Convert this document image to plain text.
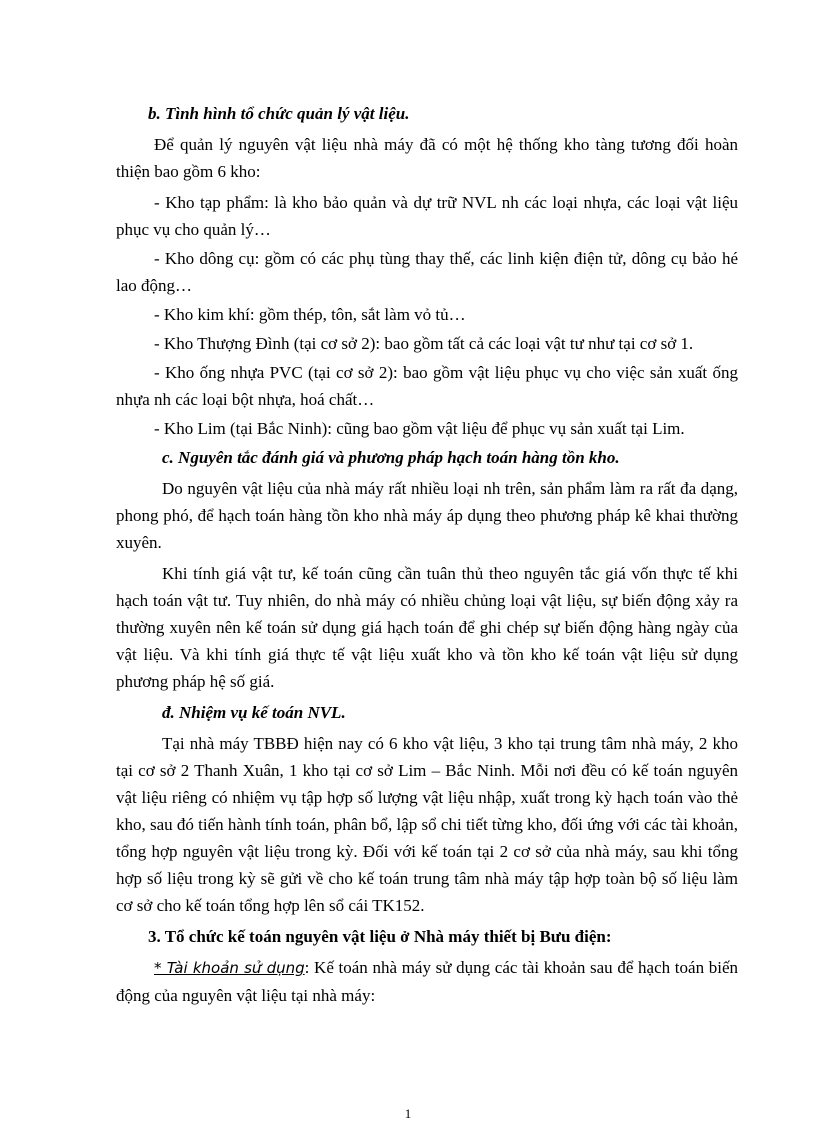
b. Tình hình tổ chức quản lý vật liệu.

Để quản lý nguyên vật liệu nhà máy đã có một hệ thống kho tàng tương đối hoàn thiện bao gồm 6 kho:

- Kho tạp phẩm: là kho bảo quản và dự trữ NVL nh các loại nhựa, các loại vật liệu phục vụ cho quản lý…

- Kho dông cụ: gồm có các phụ tùng thay thế, các linh kiện điện tử, dông cụ bảo hé lao động…

- Kho kim khí: gồm thép, tôn, sắt làm vỏ tủ…

- Kho Thượng Đình (tại cơ sở 2): bao gồm tất cả các loại vật tư như tại cơ sở 1.

- Kho ống nhựa PVC (tại cơ sở 2): bao gồm vật liệu phục vụ cho việc sản xuất ống nhựa nh các loại bột nhựa, hoá chất…

- Kho Lim (tại Bắc Ninh): cũng bao gồm vật liệu để phục vụ sản xuất tại Lim.

c. Nguyên tắc đánh giá và phương pháp hạch toán hàng tồn kho.

Do nguyên vật liệu của nhà máy rất nhiều loại nh trên, sản phẩm làm ra rất đa dạng, phong phó, để hạch toán hàng tồn kho nhà máy áp dụng theo phương pháp kê khai thường xuyên.

Khi tính giá vật tư, kế toán cũng cần tuân thủ theo nguyên tắc giá vốn thực tế khi hạch toán vật tư. Tuy nhiên, do nhà máy có nhiều chủng loại vật liệu, sự biến động xảy ra thường xuyên nên kế toán sử dụng giá hạch toán để ghi chép sự biến động hàng ngày của vật liệu. Và khi tính giá thực tế vật liệu xuất kho và tồn kho kế toán vật liệu sử dụng phương pháp hệ số giá.

đ. Nhiệm vụ kế toán NVL.

Tại nhà máy TBBĐ hiện nay có 6 kho vật liệu, 3 kho tại trung tâm nhà máy, 2 kho tại cơ sở 2 Thanh Xuân, 1 kho tại cơ sở Lim – Bắc Ninh. Mỗi nơi đều có kế toán nguyên vật liệu riêng có nhiệm vụ tập hợp số lượng vật liệu nhập, xuất trong kỳ hạch toán vào thẻ kho, sau đó tiến hành tính toán, phân bổ, lập sổ chi tiết từng kho, đối ứng với các tài khoản, tổng hợp nguyên vật liệu trong kỳ. Đối với kế toán tại 2 cơ sở của nhà máy, sau khi tổng hợp số liệu trong kỳ sẽ gửi về cho kế toán trung tâm nhà máy tập hợp toàn bộ số liệu làm cơ sở cho kế toán tổng hợp lên sổ cái TK152.

3. Tổ chức kế toán nguyên vật liệu ở Nhà máy thiết bị Bưu điện:

* Tài khoản sử dụng: Kế toán nhà máy sử dụng các tài khoản sau để hạch toán biến động của nguyên vật liệu tại nhà máy:

1
